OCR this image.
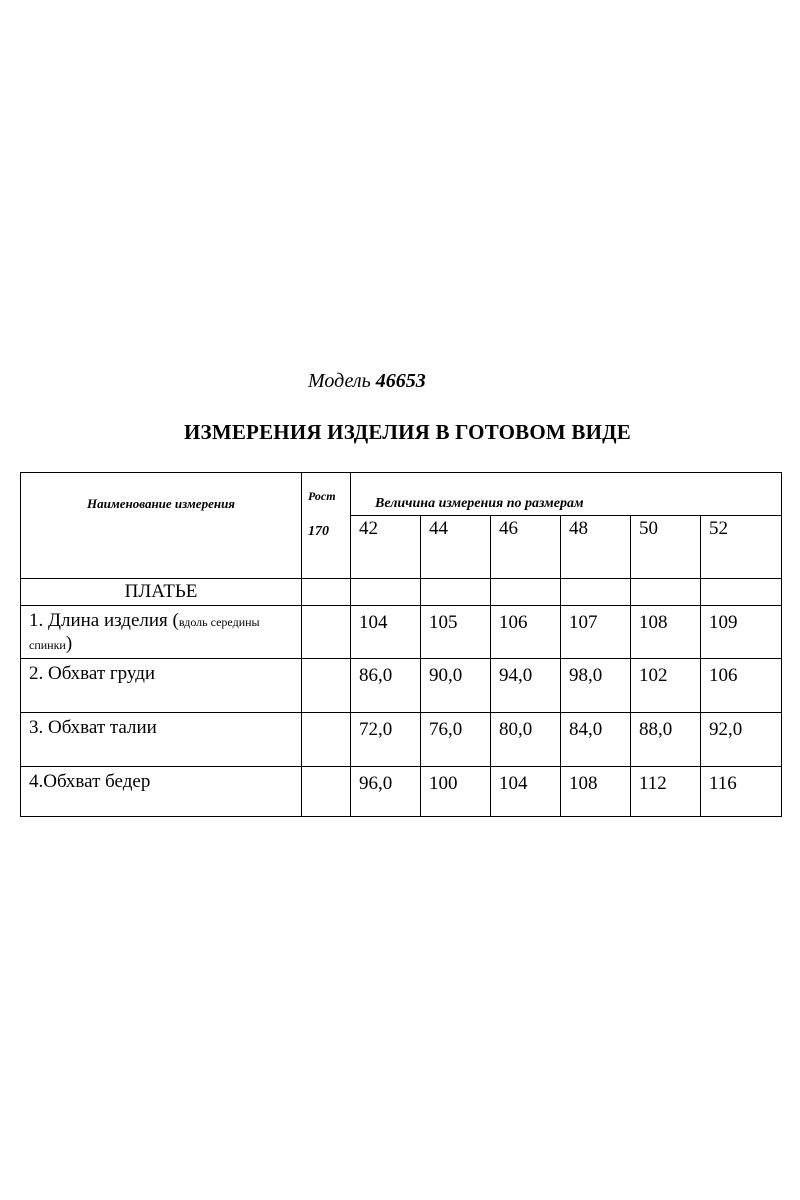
Модель 46653
ИЗМЕРЕНИЯ ИЗДЕЛИЯ В ГОТОВОМ ВИДЕ
Наименование измерения	Рост
170	Величина измерения по размерам					
		42	44	46	48	50	52
ПЛАТЬЕ							
1. Длина изделия (вдоль середины спинки)		104	105	106	107	108	109
2. Обхват груди		86,0	90,0	94,0	98,0	102	106
3. Обхват талии		72,0	76,0	80,0	84,0	88,0	92,0
4.Обхват бедер		96,0	100	104	108	112	116
